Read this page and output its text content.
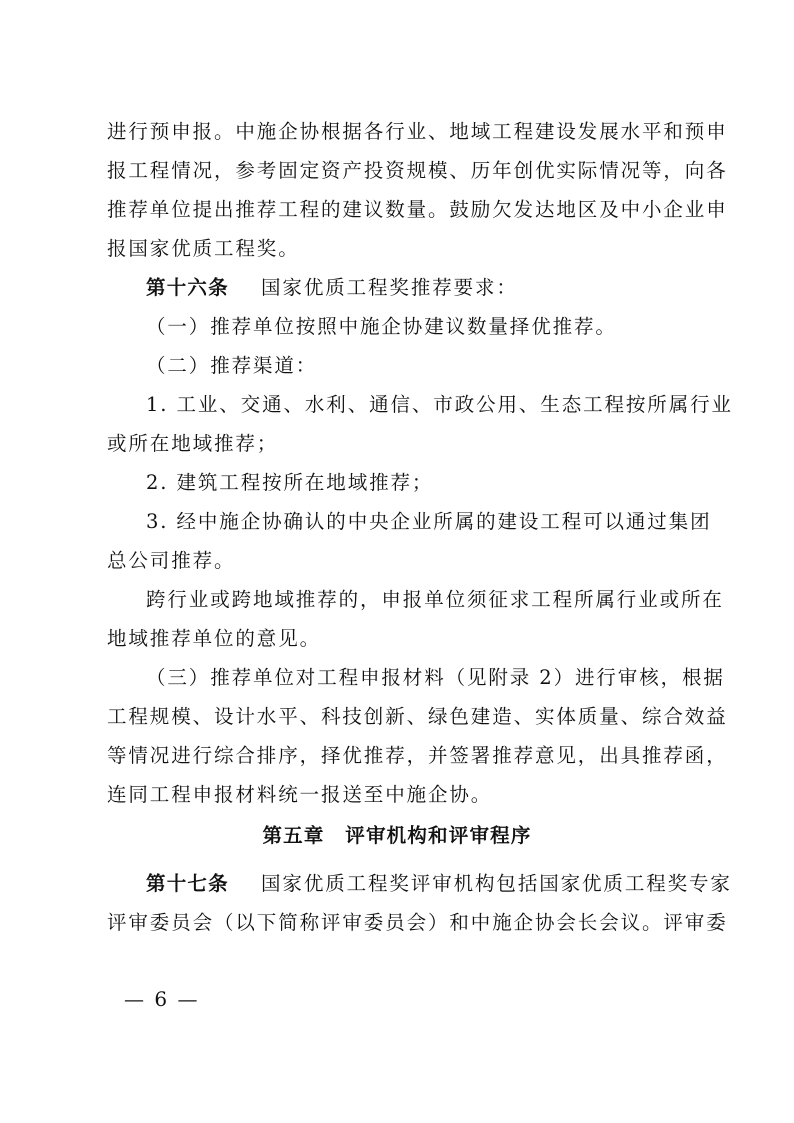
进行预申报。中施企协根据各行业、地域工程建设发展水平和预申
报工程情况，参考固定资产投资规模、历年创优实际情况等，向各
推荐单位提出推荐工程的建议数量。鼓励欠发达地区及中小企业申
报国家优质工程奖。
第十六条 国家优质工程奖推荐要求：
（一）推荐单位按照中施企协建议数量择优推荐。
（二）推荐渠道：
1. 工业、交通、水利、通信、市政公用、生态工程按所属行业
或所在地域推荐；
2. 建筑工程按所在地域推荐；
3. 经中施企协确认的中央企业所属的建设工程可以通过集团
总公司推荐。
跨行业或跨地域推荐的，申报单位须征求工程所属行业或所在
地域推荐单位的意见。
（三）推荐单位对工程申报材料（见附录 2）进行审核，根据
工程规模、设计水平、科技创新、绿色建造、实体质量、综合效益
等情况进行综合排序，择优推荐，并签署推荐意见，出具推荐函，
连同工程申报材料统一报送至中施企协。
第五章　评审机构和评审程序
第十七条 国家优质工程奖评审机构包括国家优质工程奖专家
评审委员会（以下简称评审委员会）和中施企协会长会议。评审委
— 6 —
